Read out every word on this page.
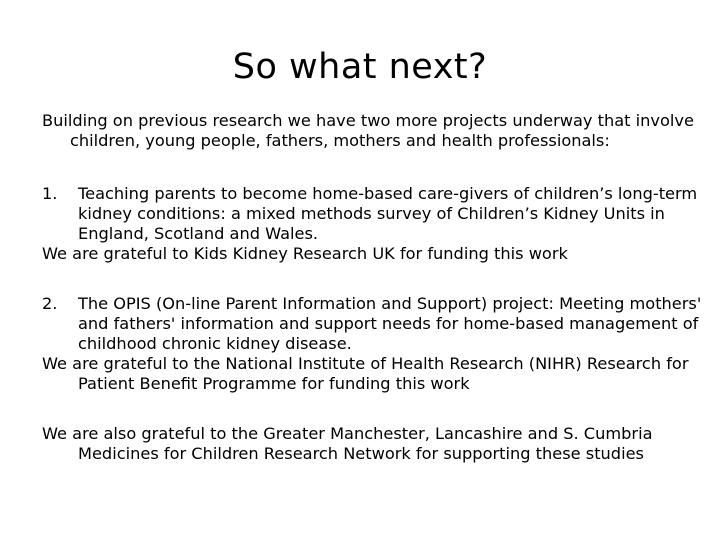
So what next?

Building on previous research we have two more projects underway that involve children, young people, fathers, mothers and health professionals:

1.	Teaching parents to become home-based care-givers of children’s long-term kidney conditions: a mixed methods survey of Children’s Kidney Units in England, Scotland and Wales.

We are grateful to Kids Kidney Research UK for funding this work

2.	The OPIS (On-line Parent Information and Support) project: Meeting mothers' and fathers' information and support needs for home-based management of childhood chronic kidney disease.

We are grateful to the National Institute of Health Research (NIHR) Research for Patient Benefit Programme for funding this work

We are also grateful to the Greater Manchester, Lancashire and S. Cumbria Medicines for Children Research Network for supporting these studies
